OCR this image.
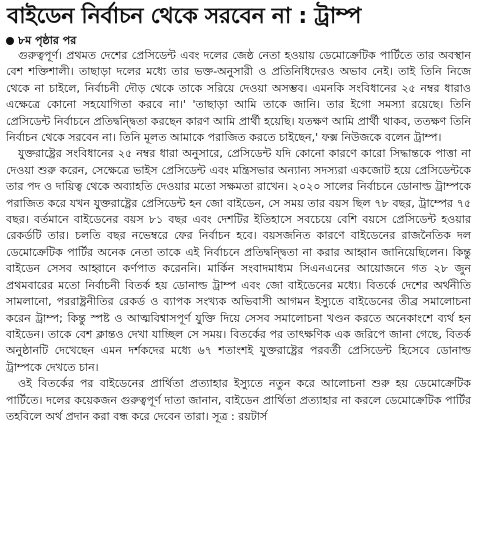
বাইডেন নির্বাচন থেকে সরবেন না : ট্রাম্প
৮ম পৃষ্ঠার পর

গুরুত্বপূর্ণ। প্রথমত দেশের প্রেসিডেন্ট এবং দলের জেষ্ঠ নেতা হওয়ায় ডেমোক্রেটিক পার্টিতে তার অবস্থান বেশ শক্তিশালী। তাছাড়া দলের মধ্যে তার ভক্ত-অনুসারী ও প্রতিনিধিদেরও অভাব নেই। তাই তিনি নিজে থেকে না চাইলে, নির্বাচনী দৌড় থেকে তাকে সরিয়ে দেওয়া অসম্ভব। এমনকি সংবিধানের ২৫ নম্বর ধারাও এক্ষেত্রে কোনো সহযোগিতা করবে না।' 'তাছাড়া আমি তাকে জানি। তার ইগো সমস্যা রয়েছে। তিনি প্রেসিডেন্ট নির্বাচনে প্রতিদ্বন্দ্বিতা করছেন কারণ আমি প্রার্থী হয়েছি। যতক্ষণ আমি প্রার্থী থাকব, ততক্ষণ তিনি নির্বাচন থেকে সরবেন না। তিনি মূলত আমাকে পরাজিত করতে চাইছেন,' ফক্স নিউজকে বলেন ট্রাম্প।

যুক্তরাষ্ট্রের সংবিধানের ২৫ নম্বর ধারা অনুসারে, প্রেসিডেন্ট যদি কোনো কারণে কারো সিদ্ধান্তকে পাত্তা না দেওয়া শুরু করেন, সেক্ষেত্রে ভাইস প্রেসিডেন্ট এবং মন্ত্রিসভার অন্যান্য সদস্যরা একজোট হয়ে প্রেসিডেন্টকে তার পদ ও দায়িত্ব থেকে অব্যাহতি দেওয়ার মতো সক্ষমতা রাখেন। ২০২০ সালের নির্বাচনে ডোনাল্ড ট্রাম্পকে পরাজিত করে যখন যুক্তরাষ্ট্রের প্রেসিডেন্ট হন জো বাইডেন, সে সময় তার বয়স ছিল ৭৮ বছর, ট্রাম্পের ৭৫ বছর। বর্তমানে বাইডেনের বয়স ৮১ বছর এবং দেশটির ইতিহাসে সবচেয়ে বেশি বয়সে প্রেসিডেন্ট হওয়ার রেকর্ডটি তার। চলতি বছর নভেম্বরে ফের নির্বাচন হবে। বয়সজনিত কারণে বাইডেনের রাজনৈতিক দল ডেমোক্রেটিক পার্টির অনেক নেতা তাকে এই নির্বাচনে প্রতিদ্বন্দ্বিতা না করার আহ্বান জানিয়েছিলেন। কিন্তু বাইডেন সেসব আহ্বানে কর্ণপাত করেননি। মার্কিন সংবাদমাধ্যম সিএনএনের আয়োজনে গত ২৮ জুন প্রথমবারের মতো নির্বাচনী বিতর্ক হয় ডোনাল্ড ট্রাম্প এবং জো বাইডেনের মধ্যে। বিতর্কে দেশের অর্থনীতি সামলানো, পররাষ্ট্রনীতির রেকর্ড ও ব্যাপক সংখ্যক অভিবাসী আগমন ইস্যুতে বাইডেনের তীব্র সমালোচনা করেন ট্রাম্প; কিন্তু স্পষ্ট ও আত্মবিশ্বাসপূর্ণ যুক্তি দিয়ে সেসব সমালোচনা খণ্ডন করতে অনেকাংশে ব্যর্থ হন বাইডেন। তাকে বেশ ক্লান্তও দেখা যাচ্ছিল সে সময়। বিতর্কের পর তাৎক্ষণিক এক জরিপে জানা গেছে, বিতর্ক অনুষ্ঠানটি দেখেছেন এমন দর্শকদের মধ্যে ৬৭ শতাংশই যুক্তরাষ্ট্রের পরবর্তী প্রেসিডেন্ট হিসেবে ডোনাল্ড ট্রাম্পকে দেখতে চান।

ওই বিতর্কের পর বাইডেনের প্রার্থিতা প্রত্যাহার ইস্যুতে নতুন করে আলোচনা শুরু হয় ডেমোক্রেটিক পার্টিতে। দলের কয়েকজন গুরুত্বপূর্ণ দাতা জানান, বাইডেন প্রার্থিতা প্রত্যাহার না করলে ডেমোক্রেটিক পার্টির তহবিলে অর্থ প্রদান করা বন্ধ করে দেবেন তারা। সূত্র : রয়টার্স
